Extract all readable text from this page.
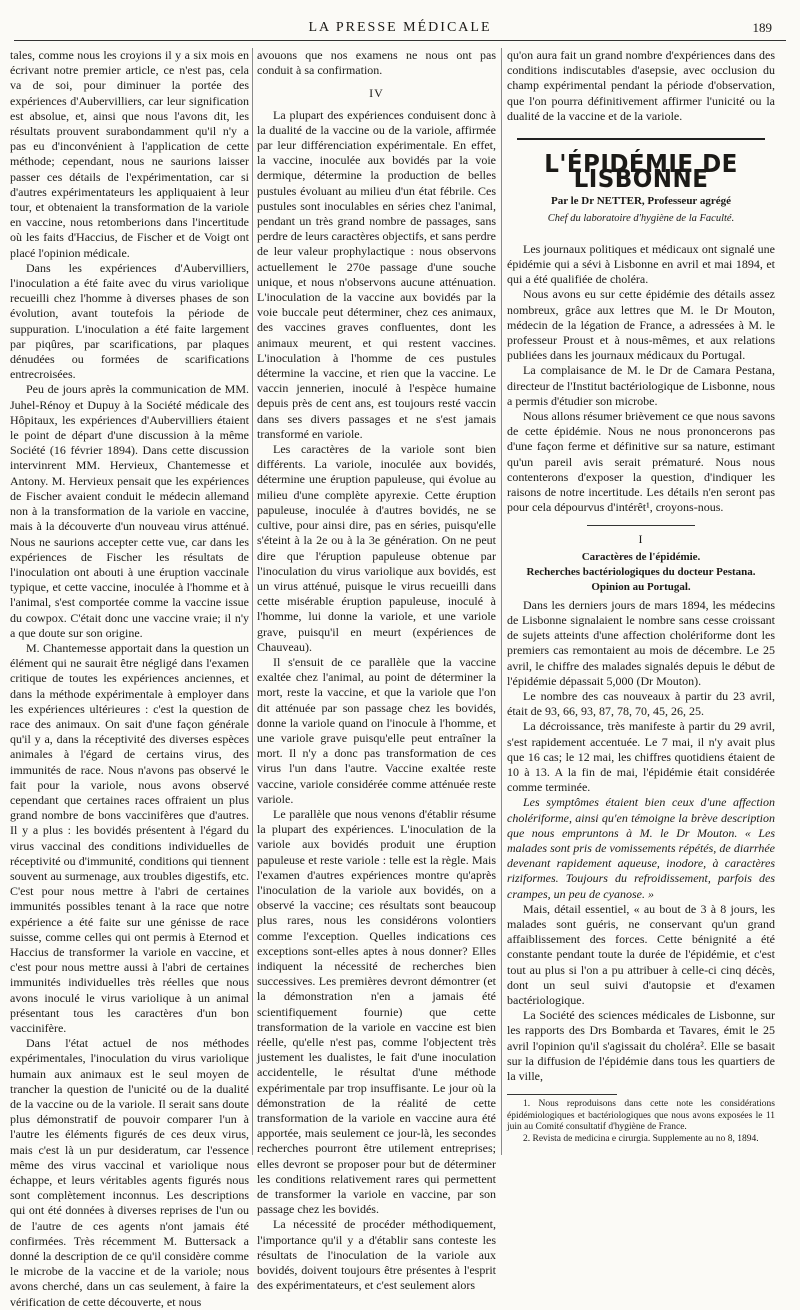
LA PRESSE MÉDICALE	189

tales, comme nous les croyions il y a six mois en écrivant notre premier article, ce n'est pas, cela va de soi, pour diminuer la portée des expériences d'Aubervilliers, car leur signification est absolue, et, ainsi que nous l'avons dit, les résultats prouvent surabondamment qu'il n'y a pas eu d'inconvénient à l'application de cette méthode; cependant, nous ne saurions laisser passer ces détails de l'expérimentation, car si d'autres expérimentateurs les appliquaient à leur tour, et obtenaient la transformation de la variole en vaccine, nous retomberions dans l'incertitude où les faits d'Haccius, de Fischer et de Voigt ont placé l'opinion médicale.

Dans les expériences d'Aubervilliers, l'inoculation a été faite avec du virus variolique recueilli chez l'homme à diverses phases de son évolution, avant toutefois la période de suppuration. L'inoculation a été faite largement par piqûres, par scarifications, par plaques dénudées ou formées de scarifications entrecroisées.

Peu de jours après la communication de MM. Juhel-Rénoy et Dupuy à la Société médicale des Hôpitaux, les expériences d'Aubervilliers étaient le point de départ d'une discussion à la même Société (16 février 1894). Dans cette discussion intervinrent MM. Hervieux, Chantemesse et Antony. M. Hervieux pensait que les expériences de Fischer avaient conduit le médecin allemand non à la transformation de la variole en vaccine, mais à la découverte d'un nouveau virus atténué. Nous ne saurions accepter cette vue, car dans les expériences de Fischer les résultats de l'inoculation ont abouti à une éruption vaccinale typique, et cette vaccine, inoculée à l'homme et à l'animal, s'est comportée comme la vaccine issue du cowpox. C'était donc une vaccine vraie; il n'y a que doute sur son origine.

M. Chantemesse apportait dans la question un élément qui ne saurait être négligé dans l'examen critique de toutes les expériences anciennes, et dans la méthode expérimentale à employer dans les expériences ultérieures : c'est la question de race des animaux. On sait d'une façon générale qu'il y a, dans la réceptivité des diverses espèces animales à l'égard de certains virus, des immunités de race. Nous n'avons pas observé le fait pour la variole, nous avons observé cependant que certaines races offraient un plus grand nombre de bons vaccinifères que d'autres. Il y a plus : les bovidés présentent à l'égard du virus vaccinal des conditions individuelles de réceptivité ou d'immunité, conditions qui tiennent souvent au surmenage, aux troubles digestifs, etc. C'est pour nous mettre à l'abri de certaines immunités possibles tenant à la race que notre expérience a été faite sur une génisse de race suisse, comme celles qui ont permis à Eternod et Haccius de transformer la variole en vaccine, et c'est pour nous mettre aussi à l'abri de certaines immunités individuelles très réelles que nous avons inoculé le virus variolique à un animal présentant tous les caractères d'un bon vaccinifère.

Dans l'état actuel de nos méthodes expérimentales, l'inoculation du virus variolique humain aux animaux est le seul moyen de trancher la question de l'unicité ou de la dualité de la vaccine ou de la variole. Il serait sans doute plus démonstratif de pouvoir comparer l'un à l'autre les éléments figurés de ces deux virus, mais c'est là un pur desideratum, car l'essence même des virus vaccinal et variolique nous échappe, et leurs véritables agents figurés nous sont complètement inconnus. Les descriptions qui ont été données à diverses reprises de l'un ou de l'autre de ces agents n'ont jamais été confirmées. Très récemment M. Buttersack a donné la description de ce qu'il considère comme le microbe de la vaccine et de la variole; nous avons cherché, dans un cas seulement, à faire la vérification de cette découverte, et nous

avouons que nos examens ne nous ont pas conduit à sa confirmation.

IV

La plupart des expériences conduisent donc à la dualité de la vaccine ou de la variole, affirmée par leur différenciation expérimentale. En effet, la vaccine, inoculée aux bovidés par la voie dermique, détermine la production de belles pustules évoluant au milieu d'un état fébrile. Ces pustules sont inoculables en séries chez l'animal, pendant un très grand nombre de passages, sans perdre de leurs caractères objectifs, et sans perdre de leur valeur prophylactique : nous observons actuellement le 270e passage d'une souche unique, et nous n'observons aucune atténuation. L'inoculation de la vaccine aux bovidés par la voie buccale peut déterminer, chez ces animaux, des vaccines graves confluentes, dont les animaux meurent, et qui restent vaccines. L'inoculation à l'homme de ces pustules détermine la vaccine, et rien que la vaccine. Le vaccin jennerien, inoculé à l'espèce humaine depuis près de cent ans, est toujours resté vaccin dans ses divers passages et ne s'est jamais transformé en variole.

Les caractères de la variole sont bien différents. La variole, inoculée aux bovidés, détermine une éruption papuleuse, qui évolue au milieu d'une complète apyrexie. Cette éruption papuleuse, inoculée à d'autres bovidés, ne se cultive, pour ainsi dire, pas en séries, puisqu'elle s'éteint à la 2e ou à la 3e génération. On ne peut dire que l'éruption papuleuse obtenue par l'inoculation du virus variolique aux bovidés, est un virus atténué, puisque le virus recueilli dans cette misérable éruption papuleuse, inoculé à l'homme, lui donne la variole, et une variole grave, puisqu'il en meurt (expériences de Chauveau).

Il s'ensuit de ce parallèle que la vaccine exaltée chez l'animal, au point de déterminer la mort, reste la vaccine, et que la variole que l'on dit atténuée par son passage chez les bovidés, donne la variole quand on l'inocule à l'homme, et une variole grave puisqu'elle peut entraîner la mort. Il n'y a donc pas transformation de ces virus l'un dans l'autre. Vaccine exaltée reste vaccine, variole considérée comme atténuée reste variole.

Le parallèle que nous venons d'établir résume la plupart des expériences. L'inoculation de la variole aux bovidés produit une éruption papuleuse et reste variole : telle est la règle. Mais l'examen d'autres expériences montre qu'après l'inoculation de la variole aux bovidés, on a observé la vaccine; ces résultats sont beaucoup plus rares, nous les considérons volontiers comme l'exception. Quelles indications ces exceptions sont-elles aptes à nous donner? Elles indiquent la nécessité de recherches bien successives. Les premières devront démontrer (et la démonstration n'en a jamais été scientifiquement fournie) que cette transformation de la variole en vaccine est bien réelle, qu'elle n'est pas, comme l'objectent très justement les dualistes, le fait d'une inoculation accidentelle, le résultat d'une méthode expérimentale par trop insuffisante. Le jour où la démonstration de la réalité de cette transformation de la variole en vaccine aura été apportée, mais seulement ce jour-là, les secondes recherches pourront être utilement entreprises; elles devront se proposer pour but de déterminer les conditions relativement rares qui permettent de transformer la variole en vaccine, par son passage chez les bovidés.

La nécessité de procéder méthodiquement, l'importance qu'il y a d'établir sans conteste les résultats de l'inoculation de la variole aux bovidés, doivent toujours être présentes à l'esprit des expérimentateurs, et c'est seulement alors

qu'on aura fait un grand nombre d'expériences dans des conditions indiscutables d'asepsie, avec occlusion du champ expérimental pendant la période d'observation, que l'on pourra définitivement affirmer l'unicité ou la dualité de la vaccine et de la variole.

L'ÉPIDÉMIE DE LISBONNE
Par le Dr NETTER, Professeur agrégé
Chef du laboratoire d'hygiène de la Faculté.

Les journaux politiques et médicaux ont signalé une épidémie qui a sévi à Lisbonne en avril et mai 1894, et qui a été qualifiée de choléra.

Nous avons eu sur cette épidémie des détails assez nombreux, grâce aux lettres que M. le Dr Mouton, médecin de la légation de France, a adressées à M. le professeur Proust et à nous-mêmes, et aux relations publiées dans les journaux médicaux du Portugal.

La complaisance de M. le Dr de Camara Pestana, directeur de l'Institut bactériologique de Lisbonne, nous a permis d'étudier son microbe.

Nous allons résumer brièvement ce que nous savons de cette épidémie. Nous ne nous prononcerons pas d'une façon ferme et définitive sur sa nature, estimant qu'un pareil avis serait prématuré. Nous nous contenterons d'exposer la question, d'indiquer les raisons de notre incertitude. Les détails n'en seront pas pour cela dépourvus d'intérêt¹, croyons-nous.

I
Caractères de l'épidémie.
Recherches bactériologiques du docteur Pestana.
Opinion au Portugal.

Dans les derniers jours de mars 1894, les médecins de Lisbonne signalaient le nombre sans cesse croissant de sujets atteints d'une affection cholériforme dont les premiers cas remontaient au mois de décembre. Le 25 avril, le chiffre des malades signalés depuis le début de l'épidémie dépassait 5,000 (Dr Mouton).

Le nombre des cas nouveaux à partir du 23 avril, était de 93, 66, 93, 87, 78, 70, 45, 26, 25.

La décroissance, très manifeste à partir du 29 avril, s'est rapidement accentuée. Le 7 mai, il n'y avait plus que 16 cas; le 12 mai, les chiffres quotidiens étaient de 10 à 13. A la fin de mai, l'épidémie était considérée comme terminée.

Les symptômes étaient bien ceux d'une affection cholériforme, ainsi qu'en témoigne la brève description que nous empruntons à M. le Dr Mouton. « Les malades sont pris de vomissements répétés, de diarrhée devenant rapidement aqueuse, inodore, à caractères riziformes. Toujours du refroidissement, parfois des crampes, un peu de cyanose. »

Mais, détail essentiel, « au bout de 3 à 8 jours, les malades sont guéris, ne conservant qu'un grand affaiblissement des forces. Cette bénignité a été constante pendant toute la durée de l'épidémie, et c'est tout au plus si l'on a pu attribuer à celle-ci cinq décès, dont un seul suivi d'autopsie et d'examen bactériologique.

La Société des sciences médicales de Lisbonne, sur les rapports des Drs Bombarda et Tavares, émit le 25 avril l'opinion qu'il s'agissait du choléra². Elle se basait sur la diffusion de l'épidémie dans tous les quartiers de la ville,

1. Nous reproduisons dans cette note les considérations épidémiologiques et bactériologiques que nous avons exposées le 11 juin au Comité consultatif d'hygiène de France.

2. Revista de medicina e cirurgia. Supplemente au no 8, 1894.
